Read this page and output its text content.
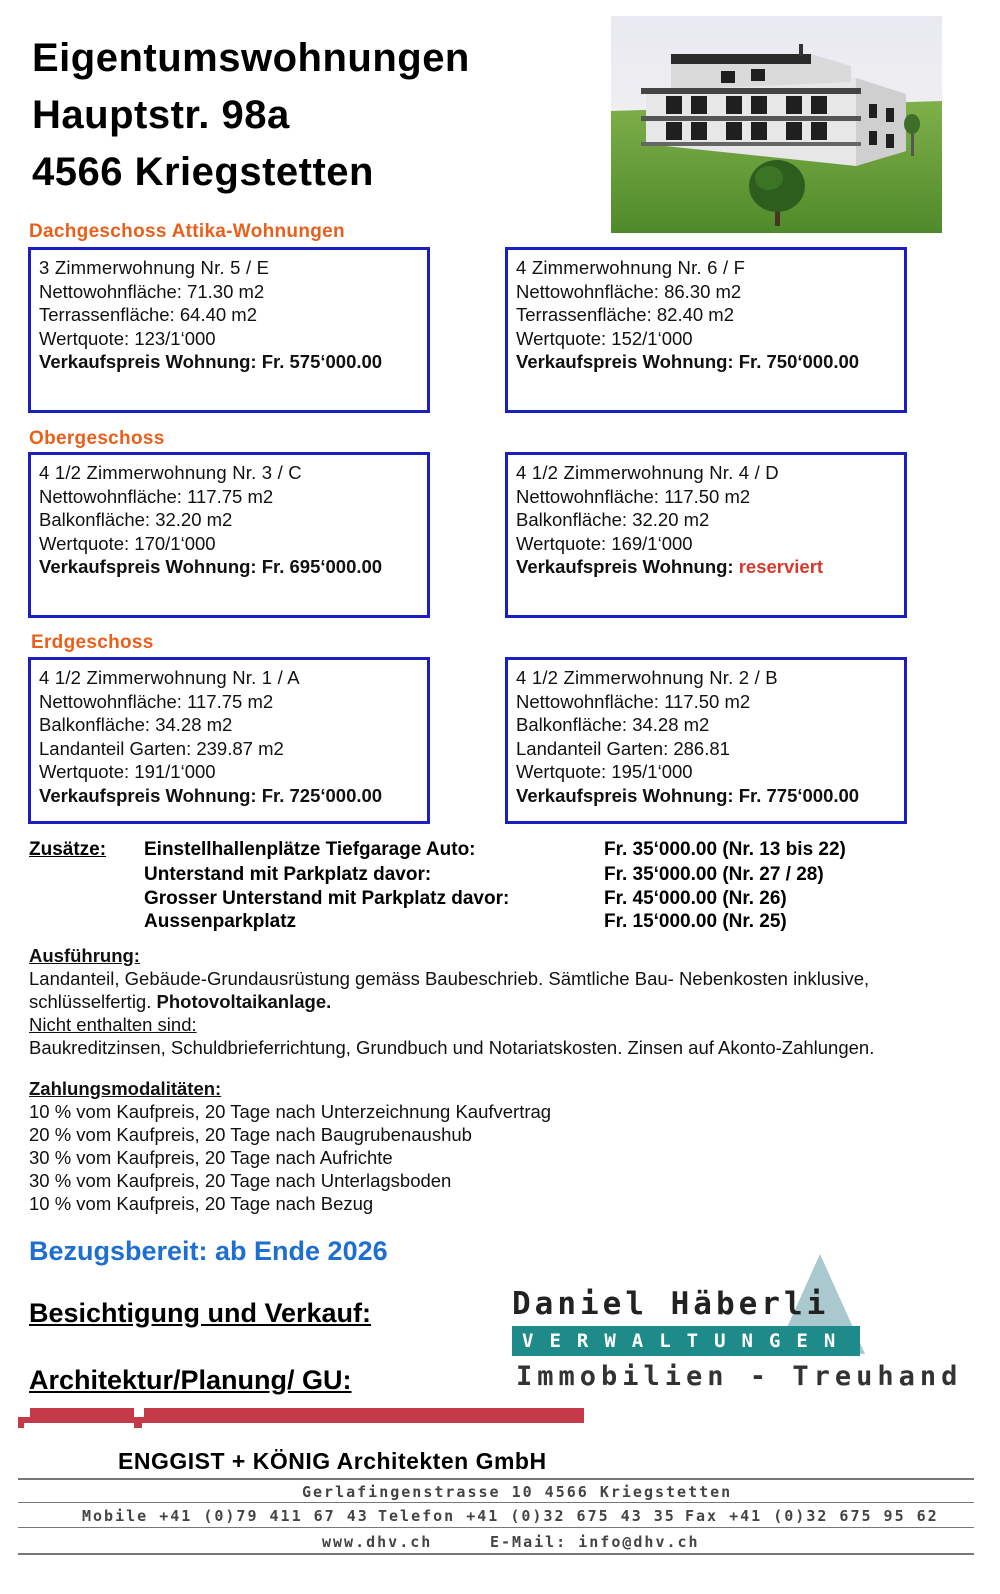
Eigentumswohnungen
Hauptstr. 98a
4566 Kriegstetten
Dachgeschoss Attika-Wohnungen
3 Zimmerwohnung Nr. 5 / E
Nettowohnfläche: 71.30 m2
Terrassenfläche: 64.40 m2
Wertquote: 123/1‘000
Verkaufspreis Wohnung: Fr. 575‘000.00
4 Zimmerwohnung Nr. 6 / F
Nettowohnfläche: 86.30 m2
Terrassenfläche: 82.40 m2
Wertquote: 152/1‘000
Verkaufspreis Wohnung: Fr. 750‘000.00
Obergeschoss
4 1/2 Zimmerwohnung Nr. 3 / C
Nettowohnfläche: 117.75 m2
Balkonfläche: 32.20 m2
Wertquote: 170/1‘000
Verkaufspreis Wohnung: Fr. 695‘000.00
4 1/2 Zimmerwohnung Nr. 4 / D
Nettowohnfläche: 117.50 m2
Balkonfläche: 32.20 m2
Wertquote: 169/1‘000
Verkaufspreis Wohnung: reserviert
Erdgeschoss
4 1/2 Zimmerwohnung Nr. 1 / A
Nettowohnfläche: 117.75 m2
Balkonfläche: 34.28 m2
Landanteil Garten: 239.87 m2
Wertquote: 191/1‘000
Verkaufspreis Wohnung: Fr. 725‘000.00
4 1/2 Zimmerwohnung Nr. 2 / B
Nettowohnfläche: 117.50 m2
Balkonfläche: 34.28 m2
Landanteil Garten: 286.81
Wertquote: 195/1‘000
Verkaufspreis Wohnung: Fr. 775‘000.00
Zusätze: Einstellhallenplätze Tiefgarage Auto:	Fr. 35‘000.00 (Nr. 13 bis 22)
Unterstand mit Parkplatz davor:	Fr. 35‘000.00 (Nr. 27 / 28)
Grosser Unterstand mit Parkplatz davor:	Fr. 45‘000.00 (Nr. 26)
Aussenparkplatz	Fr. 15‘000.00 (Nr. 25)
Ausführung:
Landanteil, Gebäude-Grundausrüstung gemäss Baubeschrieb. Sämtliche Bau- Nebenkosten inklusive,
schlüsselfertig. Photovoltaikanlage.
Nicht enthalten sind:
Baukreditzinsen, Schuldbrieferrichtung, Grundbuch und Notariatskosten. Zinsen auf Akonto-Zahlungen.
Zahlungsmodalitäten:
10 % vom Kaufpreis, 20 Tage nach Unterzeichnung Kaufvertrag
20 % vom Kaufpreis, 20 Tage nach Baugrubenaushub
30 % vom Kaufpreis, 20 Tage nach Aufrichte
30 % vom Kaufpreis, 20 Tage nach Unterlagsboden
10 % vom Kaufpreis, 20 Tage nach Bezug
Bezugsbereit: ab Ende 2026
Besichtigung und Verkauf:
Architektur/Planung/ GU:
Daniel Häberli
VERWALTUNGEN
Immobilien - Treuhand
ENGGIST + KÖNIG Architekten GmbH
Gerlafingenstrasse 10 4566 Kriegstetten
Mobile +41 (0)79 411 67 43 Telefon +41 (0)32 675 43 35 Fax +41 (0)32 675 95 62
www.dhv.ch	E-Mail: info@dhv.ch
